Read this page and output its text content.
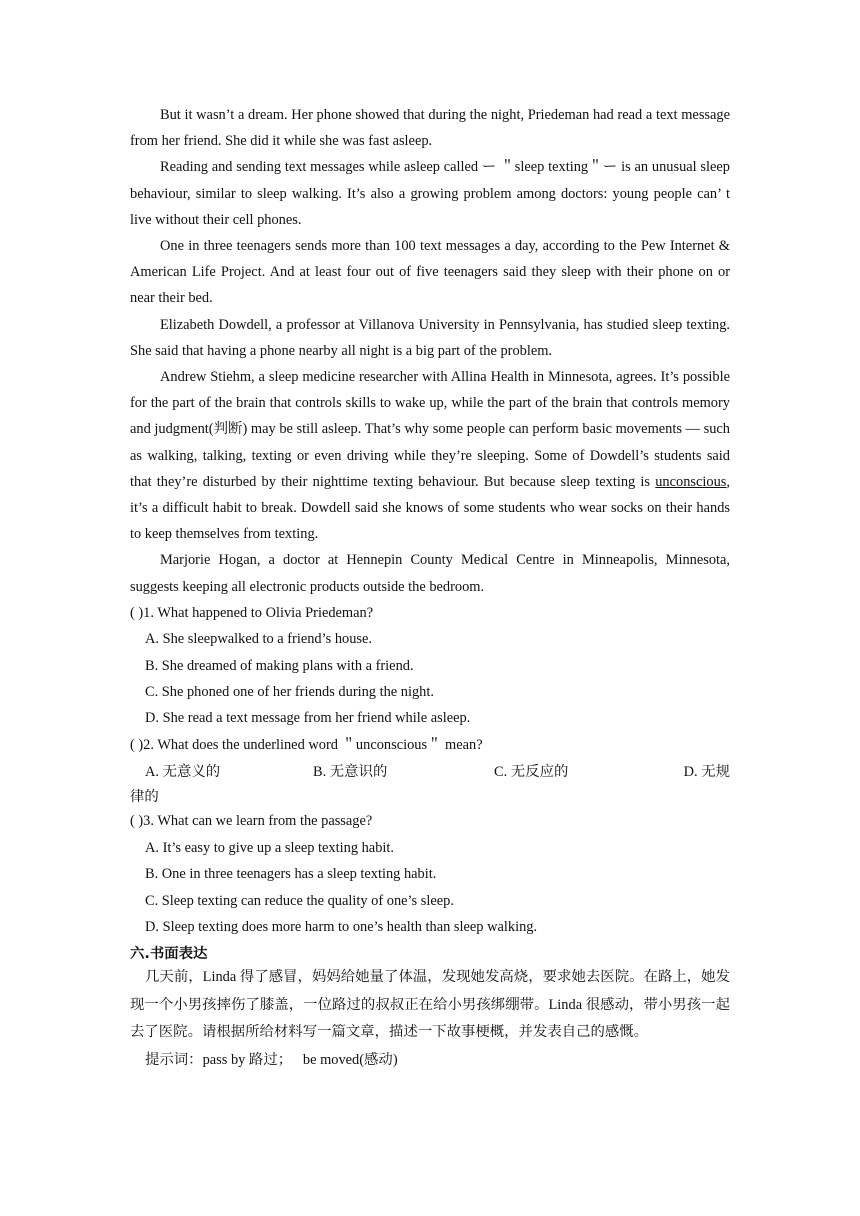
But it wasn’t a dream. Her phone showed that during the night, Priedeman had read a text message from her friend. She did it while she was fast asleep.

Reading and sending text messages while asleep called ー ＂sleep texting＂ー is an unusual sleep behaviour, similar to sleep walking. It’s also a growing problem among doctors: young people can’ t live without their cell phones.

One in three teenagers sends more than 100 text messages a day, according to the Pew Internet & American Life Project. And at least four out of five teenagers said they sleep with their phone on or near their bed.

Elizabeth Dowdell, a professor at Villanova University in Pennsylvania, has studied sleep texting. She said that having a phone nearby all night is a big part of the problem.

Andrew Stiehm, a sleep medicine researcher with Allina Health in Minnesota, agrees. It’s possible for the part of the brain that controls skills to wake up, while the part of the brain that controls memory and judgment(判断) may be still asleep. That’s why some people can perform basic movements — such as walking, talking, texting or even driving while they’re sleeping. Some of Dowdell’s students said that they’re disturbed by their nighttime texting behaviour. But because sleep texting is unconscious, it’s a difficult habit to break. Dowdell said she knows of some students who wear socks on their hands to keep themselves from texting.

Marjorie Hogan, a doctor at Hennepin County Medical Centre in Minneapolis, Minnesota, suggests keeping all electronic products outside the bedroom.

( )1. What happened to Olivia Priedeman?

A. She sleepwalked to a friend’s house.

B. She dreamed of making plans with a friend.

C. She phoned one of her friends during the night.

D. She read a text message from her friend while asleep.

( )2. What does the underlined word ＂unconscious＂ mean?

A. 无意义的	B. 无意识的	C. 无反应的	D. 无规

律的

( )3. What can we learn from the passage?

A. It’s easy to give up a sleep texting habit.

B. One in three teenagers has a sleep texting habit.

C. Sleep texting can reduce the quality of one’s sleep.

D. Sleep texting does more harm to one’s health than sleep walking.

六.书面表达

几天前，Linda 得了感冒，妈妈给她量了体温，发现她发高烧，要求她去医院。在路上，她发现一个小男孩摔伤了膝盖，一位路过的叔叔正在给小男孩绑绷带。Linda 很感动，带小男孩一起去了医院。请根据所给材料写一篇文章，描述一下故事梗概，并发表自己的感慨。

提示词：pass by 路过；   be moved(感动)
